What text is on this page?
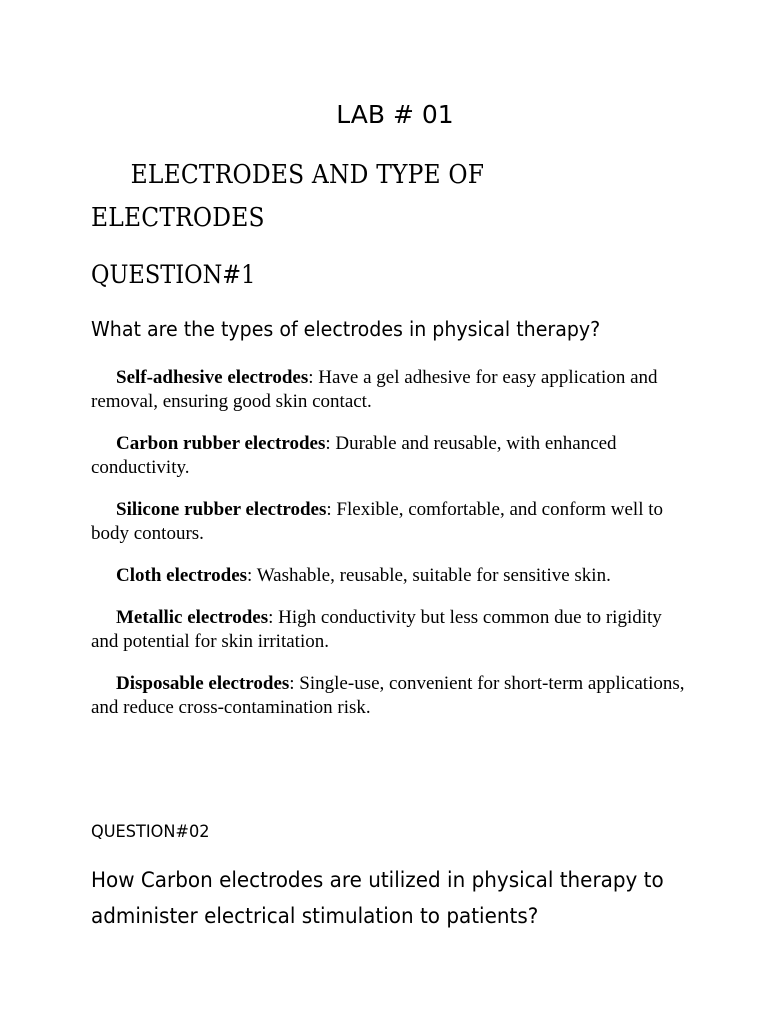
LAB # 01
ELECTRODES AND TYPE OF ELECTRODES
QUESTION#1
What are the types of electrodes in physical therapy?

Self-adhesive electrodes: Have a gel adhesive for easy application and removal, ensuring good skin contact.

Carbon rubber electrodes: Durable and reusable, with enhanced conductivity.

Silicone rubber electrodes: Flexible, comfortable, and conform well to body contours.

Cloth electrodes: Washable, reusable, suitable for sensitive skin.

Metallic electrodes: High conductivity but less common due to rigidity and potential for skin irritation.

Disposable electrodes: Single-use, convenient for short-term applications, and reduce cross-contamination risk.

QUESTION#02
How Carbon electrodes are utilized in physical therapy to administer electrical stimulation to patients?
